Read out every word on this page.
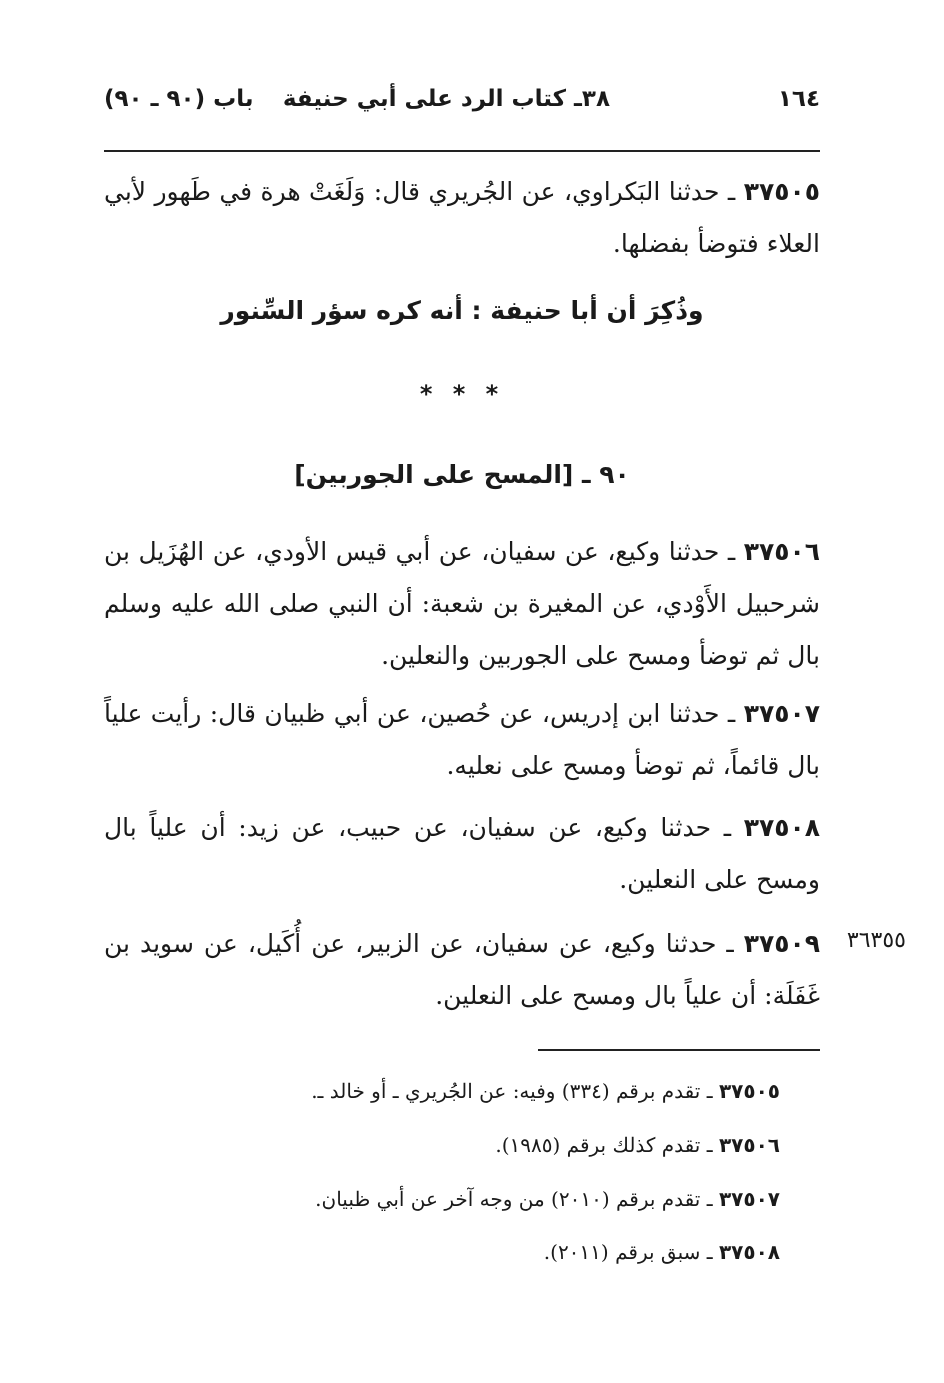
١٦٤
٣٨ـ كتاب الرد على أبي حنيفة
باب (٩٠ ـ ٩٠)
٣٧٥٠٥ ـ حدثنا البَكراوي، عن الجُريري قال: وَلَغَتْ هرة في طَهور لأبي العلاء فتوضأ بفضلها.
وذُكِرَ أن أبا حنيفة : أنه كره سؤر السِّنور
* * *
٩٠ ـ [المسح على الجوربين]
٣٧٥٠٦ ـ حدثنا وكيع، عن سفيان، عن أبي قيس الأودي، عن الهُزَيل بن شرحبيل الأَوْدي، عن المغيرة بن شعبة: أن النبي صلى الله عليه وسلم بال ثم توضأ ومسح على الجوربين والنعلين.
٣٧٥٠٧ ـ حدثنا ابن إدريس، عن حُصين، عن أبي ظبيان قال: رأيت علياً بال قائماً، ثم توضأ ومسح على نعليه.
٣٧٥٠٨ ـ حدثنا وكيع، عن سفيان، عن حبيب، عن زيد: أن علياً بال ومسح على النعلين.
٣٧٥٠٩ ـ حدثنا وكيع، عن سفيان، عن الزبير، عن أُكَيل، عن سويد بن غَفَلَة: أن علياً بال ومسح على النعلين.
٣٦٣٥٥
٣٧٥٠٥ ـ تقدم برقم (٣٣٤) وفيه: عن الجُريري ـ أو خالد ـ.
٣٧٥٠٦ ـ تقدم كذلك برقم (١٩٨٥).
٣٧٥٠٧ ـ تقدم برقم (٢٠١٠) من وجه آخر عن أبي ظبيان.
٣٧٥٠٨ ـ سبق برقم (٢٠١١).
